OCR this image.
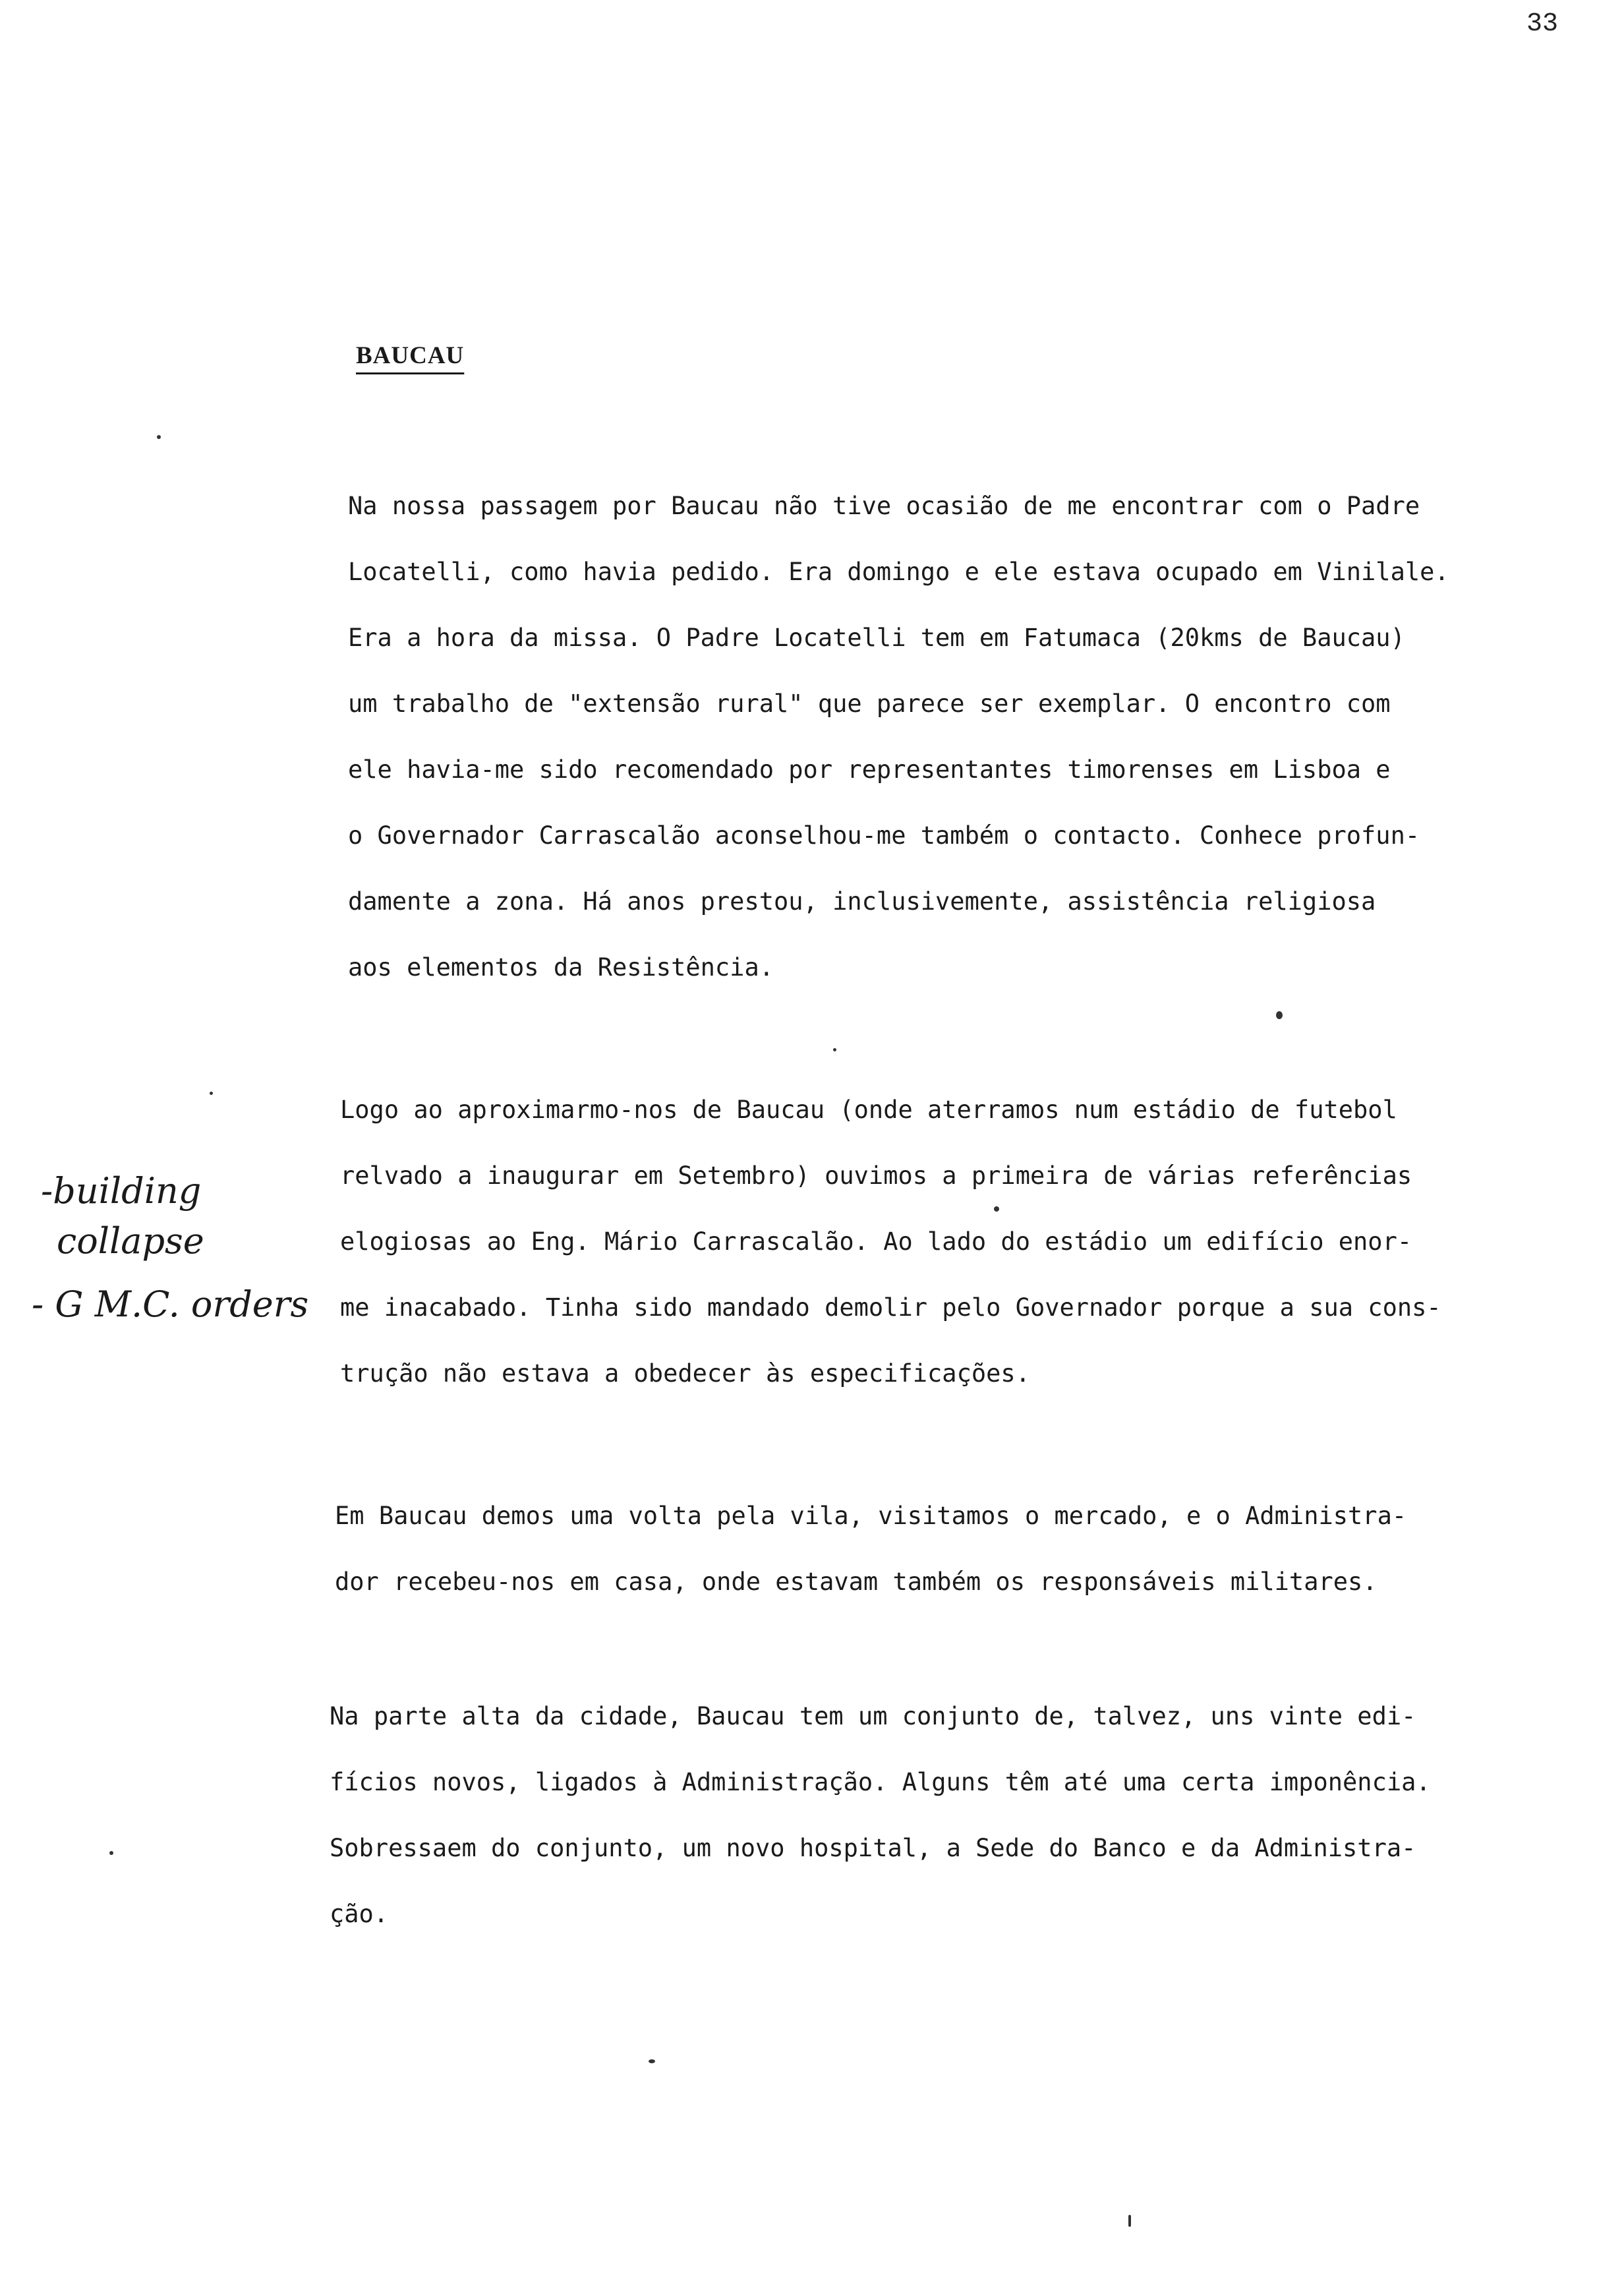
33
BAUCAU
Na nossa passagem por Baucau não tive ocasião de me encontrar com o Padre
Locatelli, como havia pedido. Era domingo e ele estava ocupado em Vinilale.
Era a hora da missa. O Padre Locatelli tem em Fatumaca (20kms de Baucau)
um trabalho de "extensão rural" que parece ser exemplar. O encontro com
ele havia-me sido recomendado por representantes timorenses em Lisboa e
o Governador Carrascalão aconselhou-me também o contacto. Conhece profun-
damente a zona. Há anos prestou, inclusivemente, assistência religiosa
aos elementos da Resistência.
Logo ao aproximarmo-nos de Baucau (onde aterramos num estádio de futebol
relvado a inaugurar em Setembro) ouvimos a primeira de várias referências
elogiosas ao Eng. Mário Carrascalão. Ao lado do estádio um edifício enor-
me inacabado. Tinha sido mandado demolir pelo Governador porque a sua cons-
trução não estava a obedecer às especificações.
Em Baucau demos uma volta pela vila, visitamos o mercado, e o Administra-
dor recebeu-nos em casa, onde estavam também os responsáveis militares.
Na parte alta da cidade, Baucau tem um conjunto de, talvez, uns vinte edi-
fícios novos, ligados à Administração. Alguns têm até uma certa imponência.
Sobressaem do conjunto, um novo hospital, a Sede do Banco e da Administra-
ção.
-building
collapse
- G M.C. orders
